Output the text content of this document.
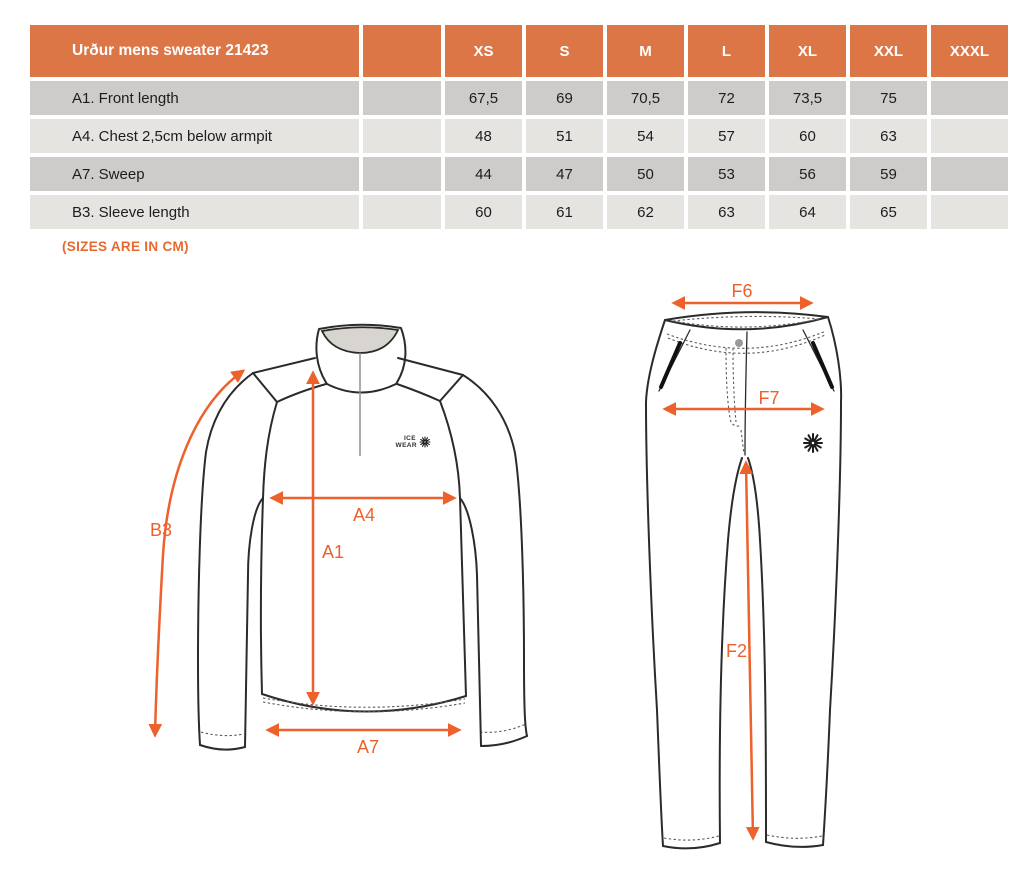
Urður mens sweater 21423	XS	S	M	L	XL	XXL	XXXL
A1. Front length	67,5	69	70,5	72	73,5	75
A4. Chest 2,5cm below armpit	48	51	54	57	60	63
A7. Sweep	44	47	50	53	56	59
B3. Sleeve length	60	61	62	63	64	65
(SIZES ARE IN CM)
ICE
WEAR
B3
A4
A1
A7
F6
F7
F2
